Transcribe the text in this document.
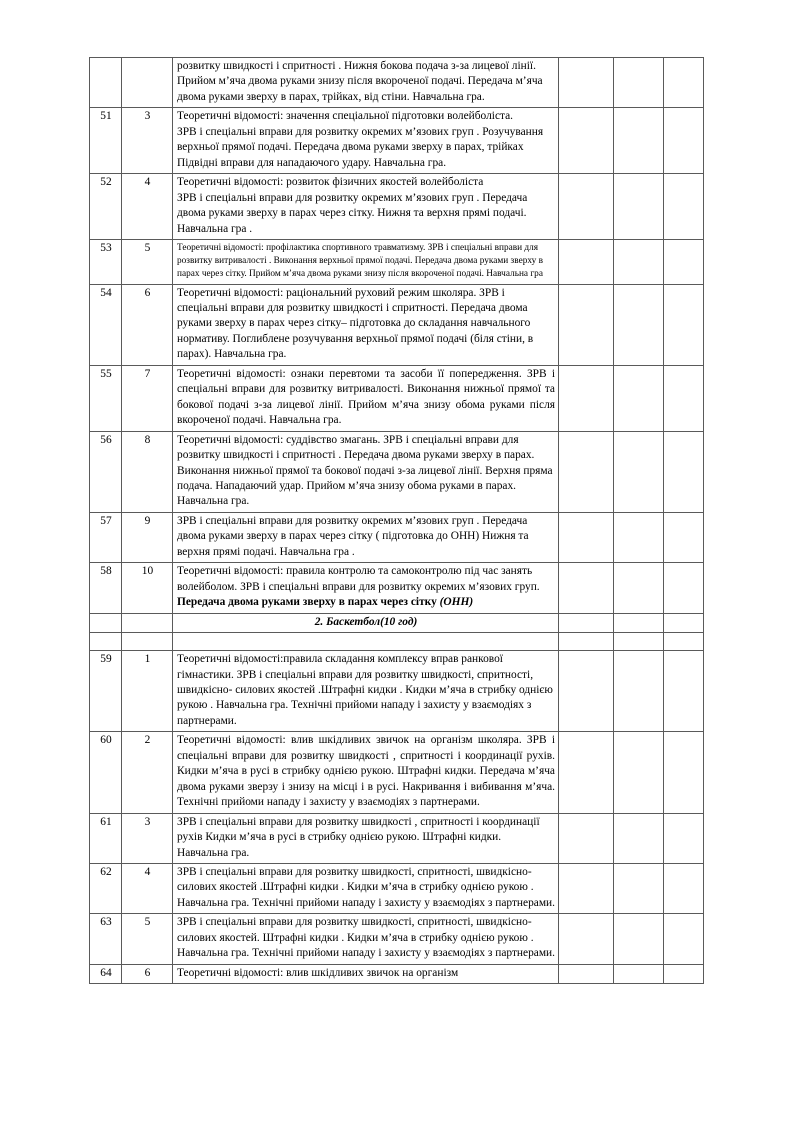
		розвитку швидкості і спритності . Нижня бокова подача з-за лицевої лінії. Прийом м’яча двома руками знизу після вкороченої подачі. Передача м’яча двома руками зверху в парах, трійках, від стіни. Навчальна гра.			
51	3	Теоретичні відомості: значення спеціальної підготовки волейболіста.
ЗРВ і спеціальні вправи для розвитку окремих м’язових груп . Розучування верхньої прямої подачі. Передача двома руками зверху в парах, трійках Підвідні вправи для нападаючого удару. Навчальна гра.			
52	4	Теоретичні відомості: розвиток фізичних якостей волейболіста
ЗРВ і спеціальні вправи для розвитку окремих м’язових груп . Передача двома руками зверху в парах через сітку. Нижня та верхня прямі подачі. Навчальна гра .			
53	5	Теоретичні відомості: профілактика спортивного травматизму. ЗРВ і спеціальні вправи для розвитку витривалості . Виконання верхньої прямої подачі. Передача двома руками зверху в парах через сітку. Прийом м’яча двома руками знизу після вкороченої подачі. Навчальна гра			
54	6	Теоретичні відомості: раціональний руховий режим школяра. ЗРВ і спеціальні вправи для розвитку швидкості і спритності. Передача двома руками зверху в парах через сітку– підготовка до складання навчального нормативу. Поглиблене розучування верхньої прямої подачі (біля стіни, в парах). Навчальна гра.			
55	7	Теоретичні відомості: ознаки перевтоми та засоби її попередження. ЗРВ і спеціальні вправи для розвитку витривалості. Виконання нижньої прямої та бокової подачі з-за лицевої лінії. Прийом м’яча знизу обома руками після вкороченої подачі. Навчальна гра.			
56	8	Теоретичні відомості: суддівство змагань. ЗРВ і спеціальні вправи для розвитку швидкості і спритності . Передача двома руками зверху в парах. Виконання нижньої прямої та бокової подачі з-за лицевої лінії. Верхня пряма подача. Нападаючий удар. Прийом м’яча знизу обома руками в парах. Навчальна гра.			
57	9	ЗРВ і спеціальні вправи для розвитку окремих м’язових груп . Передача двома руками зверху в парах через сітку ( підготовка до ОНН) Нижня та верхня прямі подачі. Навчальна гра .			
58	10	Теоретичні відомості: правила контролю та самоконтролю під час занять волейболом. ЗРВ і спеціальні вправи для розвитку окремих м’язових груп. Передача двома руками зверху в парах через сітку (ОНН)			
		2. Баскетбол(10 год)			

59	1	Теоретичні відомості:правила складання комплексу вправ ранкової гімнастики. ЗРВ і спеціальні вправи для розвитку швидкості, спритності, швидкісно- силових якостей .Штрафні кидки . Кидки м’яча в стрибку однією рукою . Навчальна гра. Технічні прийоми нападу і захисту у взаємодіях з партнерами.			
60	2	Теоретичні відомості: влив шкідливих звичок на організм школяра. ЗРВ і спеціальні вправи для розвитку швидкості , спритності і координації рухів. Кидки м’яча в русі в стрибку однією рукою. Штрафні кидки. Передача м’яча двома руками зверзу і знизу на місці і в русі. Накривання і вибивання м’яча. Технічні прийоми нападу і захисту у взаємодіях з партнерами.			
61	3	ЗРВ і спеціальні вправи для розвитку швидкості , спритності і координації рухів Кидки м’яча в русі в стрибку однією рукою. Штрафні кидки. Навчальна гра.			
62	4	ЗРВ і спеціальні вправи для розвитку швидкості, спритності, швидкісно- силових якостей .Штрафні кидки . Кидки м’яча в стрибку однією рукою . Навчальна гра. Технічні прийоми нападу і захисту у взаємодіях з партнерами.			
63	5	ЗРВ і спеціальні вправи для розвитку швидкості, спритності, швидкісно- силових якостей. Штрафні кидки . Кидки м’яча в стрибку однією рукою . Навчальна гра. Технічні прийоми нападу і захисту у взаємодіях з партнерами.			
64	6	Теоретичні відомості: влив шкідливих звичок на організм			
